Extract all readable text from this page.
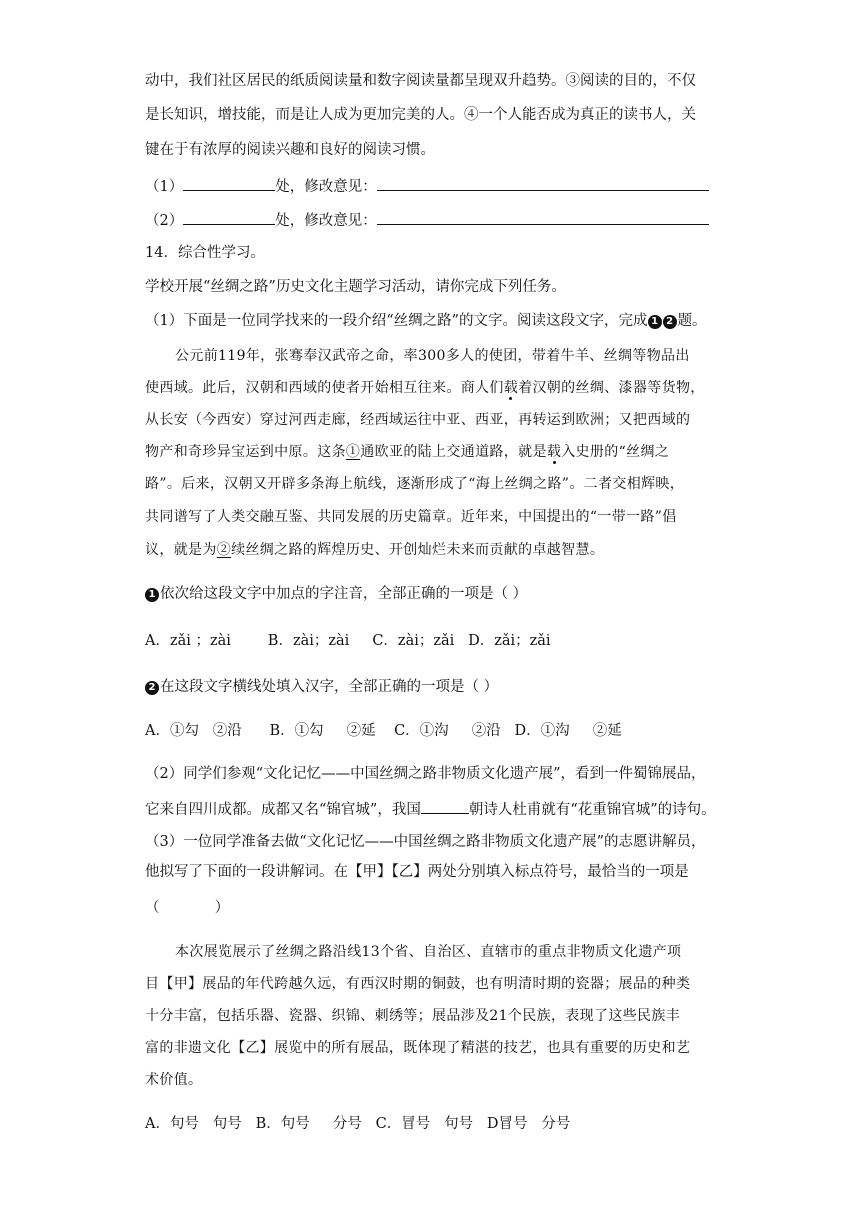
动中，我们社区居民的纸质阅读量和数字阅读量都呈现双升趋势。③阅读的目的，不仅
是长知识，增技能，而是让人成为更加完美的人。④一个人能否成为真正的读书人，关
键在于有浓厚的阅读兴趣和良好的阅读习惯。
（1）	处，修改意见：
（2）	处，修改意见：
14．综合性学习。
学校开展“丝绸之路”历史文化主题学习活动，请你完成下列任务。
（1）下面是一位同学找来的一段介绍“丝绸之路”的文字。阅读这段文字，完成 1 2 题。
公元前119年，张骞奉汉武帝之命，率300多人的使团，带着牛羊、丝绸等物品出
使西域。此后，汉朝和西域的使者开始相互往来。商人们载着汉朝的丝绸、漆器等货物，
从长安（今西安）穿过河西走廊，经西域运往中亚、西亚，再转运到欧洲；又把西域的
物产和奇珍异宝运到中原。这条①通欧亚的陆上交通道路，就是载入史册的“丝绸之
路”。后来，汉朝又开辟多条海上航线，逐渐形成了“海上丝绸之路”。二者交相辉映，
共同谱写了人类交融互鉴、共同发展的历史篇章。近年来，中国提出的“一带一路”倡
议，就是为②续丝绸之路的辉煌历史、开创灿烂未来而贡献的卓越智慧。
1 依次给这段文字中加点的字注音，全部正确的一项是（ ）
A．zǎi ；zài        B．zài；zài     C．zài；zǎi   D．zǎi；zǎi
2 在这段文字横线处填入汉字，全部正确的一项是（ ）
A．①勾   ②沿      B．①勾     ②延    C．①沟     ②沿   D．①沟     ②延
（2）同学们参观“文化记忆——中国丝绸之路非物质文化遗产展”，看到一件蜀锦展品，
它来自四川成都。成都又名“锦官城”，我国	朝诗人杜甫就有“花重锦官城”的诗句。
（3）一位同学准备去做“文化记忆——中国丝绸之路非物质文化遗产展”的志愿讲解员，
他拟写了下面的一段讲解词。在【甲】【乙】两处分别填入标点符号，最恰当的一项是
（            ）
本次展览展示了丝绸之路沿线13个省、自治区、直辖市的重点非物质文化遗产项
目【甲】展品的年代跨越久远，有西汉时期的铜鼓，也有明清时期的瓷器；展品的种类
十分丰富，包括乐器、瓷器、织锦、刺绣等；展品涉及21个民族，表现了这些民族丰
富的非遗文化【乙】展览中的所有展品，既体现了精湛的技艺，也具有重要的历史和艺
术价值。
A．句号   句号   B．句号     分号   C．冒号   句号   D冒号   分号
